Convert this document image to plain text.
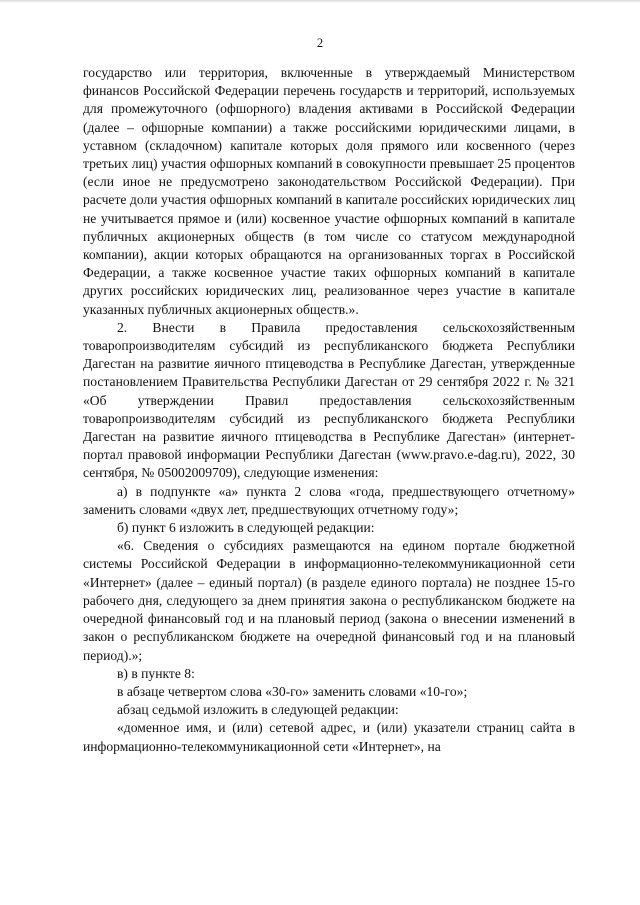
2

государство или территория, включенные в утверждаемый Министерством финансов Российской Федерации перечень государств и территорий, используемых для промежуточного (офшорного) владения активами в Российской Федерации (далее – офшорные компании) а также российскими юридическими лицами, в уставном (складочном) капитале которых доля прямого или косвенного (через третьих лиц) участия офшорных компаний в совокупности превышает 25 процентов (если иное не предусмотрено законодательством Российской Федерации). При расчете доли участия офшорных компаний в капитале российских юридических лиц не учитывается прямое и (или) косвенное участие офшорных компаний в капитале публичных акционерных обществ (в том числе со статусом международной компании), акции которых обращаются на организованных торгах в Российской Федерации, а также косвенное участие таких офшорных компаний в капитале других российских юридических лиц, реализованное через участие в капитале указанных публичных акционерных обществ.».

2. Внести в Правила предоставления сельскохозяйственным товаропроизводителям субсидий из республиканского бюджета Республики Дагестан на развитие яичного птицеводства в Республике Дагестан, утвержденные постановлением Правительства Республики Дагестан от 29 сентября 2022 г. № 321 «Об утверждении Правил предоставления сельскохозяйственным товаропроизводителям субсидий из республиканского бюджета Республики Дагестан на развитие яичного птицеводства в Республике Дагестан» (интернет-портал правовой информации Республики Дагестан (www.pravo.e-dag.ru), 2022, 30 сентября, № 05002009709), следующие изменения:

а) в подпункте «а» пункта 2 слова «года, предшествующего отчетному» заменить словами «двух лет, предшествующих отчетному году»;

б) пункт 6 изложить в следующей редакции:

«6. Сведения о субсидиях размещаются на едином портале бюджетной системы Российской Федерации в информационно-телекоммуникационной сети «Интернет» (далее – единый портал) (в разделе единого портала) не позднее 15-го рабочего дня, следующего за днем принятия закона о республиканском бюджете на очередной финансовый год и на плановый период (закона о внесении изменений в закон о республиканском бюджете на очередной финансовый год и на плановый период).»;

в) в пункте 8:

в абзаце четвертом слова «30-го» заменить словами «10-го»;

абзац седьмой изложить в следующей редакции:

«доменное имя, и (или) сетевой адрес, и (или) указатели страниц сайта в информационно-телекоммуникационной сети «Интернет», на
